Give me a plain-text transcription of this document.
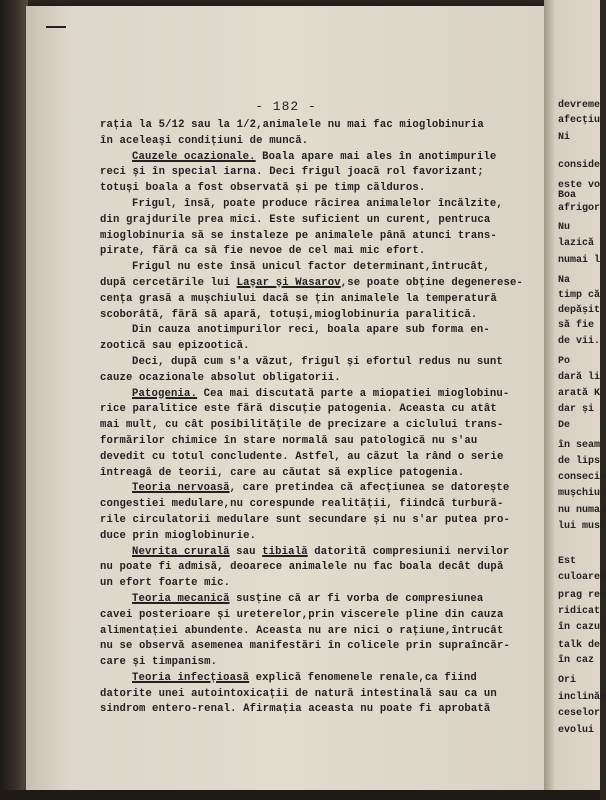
- 182 -
rația la 5/12 sau la 1/2,animalele nu mai fac mioglobinuria
în aceleași condițiuni de muncă.
Cauzele ocazionale. Boala apare mai ales în anotimpurile
reci și în special iarna. Deci frigul joacă rol favorizant;
totuși boala a fost observată și pe timp călduros.
Frigul, însă, poate produce răcirea animalelor încălzite,
din grajdurile prea mici. Este suficient un curent, pentruca
mioglobinuria să se instaleze pe animalele până atunci trans-
pirate, fără ca să fie nevoe de cel mai mic efort.
Frigul nu este însă unicul factor determinant,întrucât,
după cercetările lui Lașar și Wasarov,se poate obține degenerese-
cența grasă a mușchiului dacă se țin animalele la temperatură
scoborâtă, fără să apară, totuși,mioglobinuria paralitică.
Din cauza anotimpurilor reci, boala apare sub forma en-
zootică sau epizootică.
Deci, după cum s'a văzut, frigul și efortul redus nu sunt
cauze ocazionale absolut obligatorii.
Patogenia. Cea mai discutată parte a miopatiei mioglobinu-
rice paralitice este fără discuție patogenia. Aceasta cu atât
mai mult, cu cât posibilitățile de precizare a ciclului trans-
formărilor chimice în stare normală sau patologică nu s'au
devedit cu totul concludente. Astfel, au căzut la rând o serie
întreagă de teorii, care au căutat să explice patogenia.
Teoria nervoasă, care pretindea că afecțiunea se datorește
congestiei medulare,nu corespunde realității, fiindcă turbură-
rile circulatorii medulare sunt secundare și nu s'ar putea pro-
duce prin mioglobinurie.
Nevrita crurală sau tibială datorită compresiunii nervilor
nu poate fi admisă, deoarece animalele nu fac boala decât după
un efort foarte mic.
Teoria mecanică susține că ar fi vorba de compresiunea
cavei posterioare și ureterelor,prin viscerele pline din cauza
alimentației abundente. Aceasta nu are nici o rațiune,întrucât
nu se observă asemenea manifestări în colicele prin supraîncăr-
care și timpanism.
Teoria infecțioasă explică fenomenele renale,ca fiind
datorite unei autointoxicații de natură intestinală sau ca un
sindrom entero-renal. Afirmația aceasta nu poate fi aprobată
devreme
afecțiu
Ni
conside
este vo
Boa
afrigor
Nu
lazică
numai l
Na
timp că
depășit
să fie
de vii.
Po
dară li
arată K
dar și
De
în seam
de lips
consecin
mușchiul
nu numai
lui musc
Est
culoarea
prag ren
ridicat
în cazul
talk de
în caz
Ori
inclinăm
ceselor
evolui
